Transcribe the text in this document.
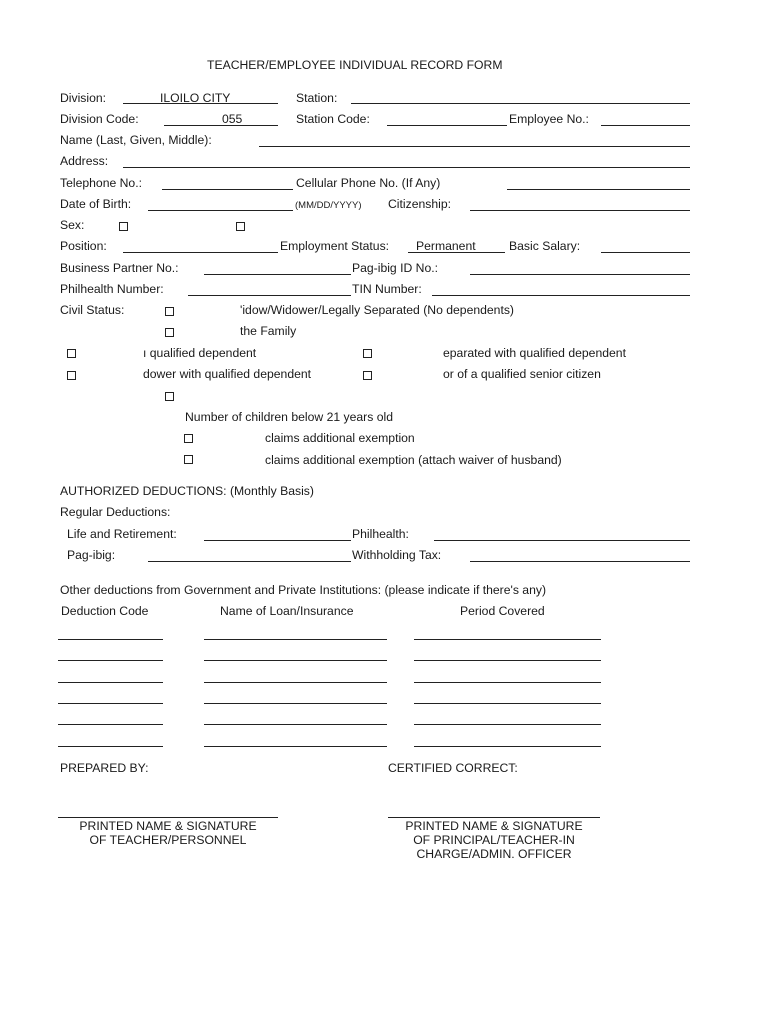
TEACHER/EMPLOYEE INDIVIDUAL RECORD FORM
Division:	ILOILO CITY	Station:
Division Code:	055	Station Code:	Employee No.:
Name (Last, Given, Middle):
Address:
Telephone No.:	Cellular Phone No. (If Any)
Date of Birth:	(MM/DD/YYYY) Citizenship:
Sex:
Position:	Employment Status: Permanent	Basic Salary:
Business Partner No.:	Pag-ibig ID No.:
Philhealth Number:	TIN Number:
Civil Status:	'idow/Widower/Legally Separated (No dependents)
the Family
ı qualified dependent	eparated with qualified dependent
dower with qualified dependent	or of a qualified senior citizen
Number of children below 21 years old
claims additional exemption
claims additional exemption (attach waiver of husband)
AUTHORIZED DEDUCTIONS: (Monthly Basis)
Regular Deductions:
Life and Retirement:	Philhealth:
Pag-ibig:	Withholding Tax:
Other deductions from Government and Private Institutions: (please indicate if there's any)
Deduction Code	Name of Loan/Insurance	Period Covered
PREPARED BY:	CERTIFIED CORRECT:
PRINTED NAME & SIGNATURE
OF TEACHER/PERSONNEL
PRINTED NAME & SIGNATURE
OF PRINCIPAL/TEACHER-IN
CHARGE/ADMIN. OFFICER
